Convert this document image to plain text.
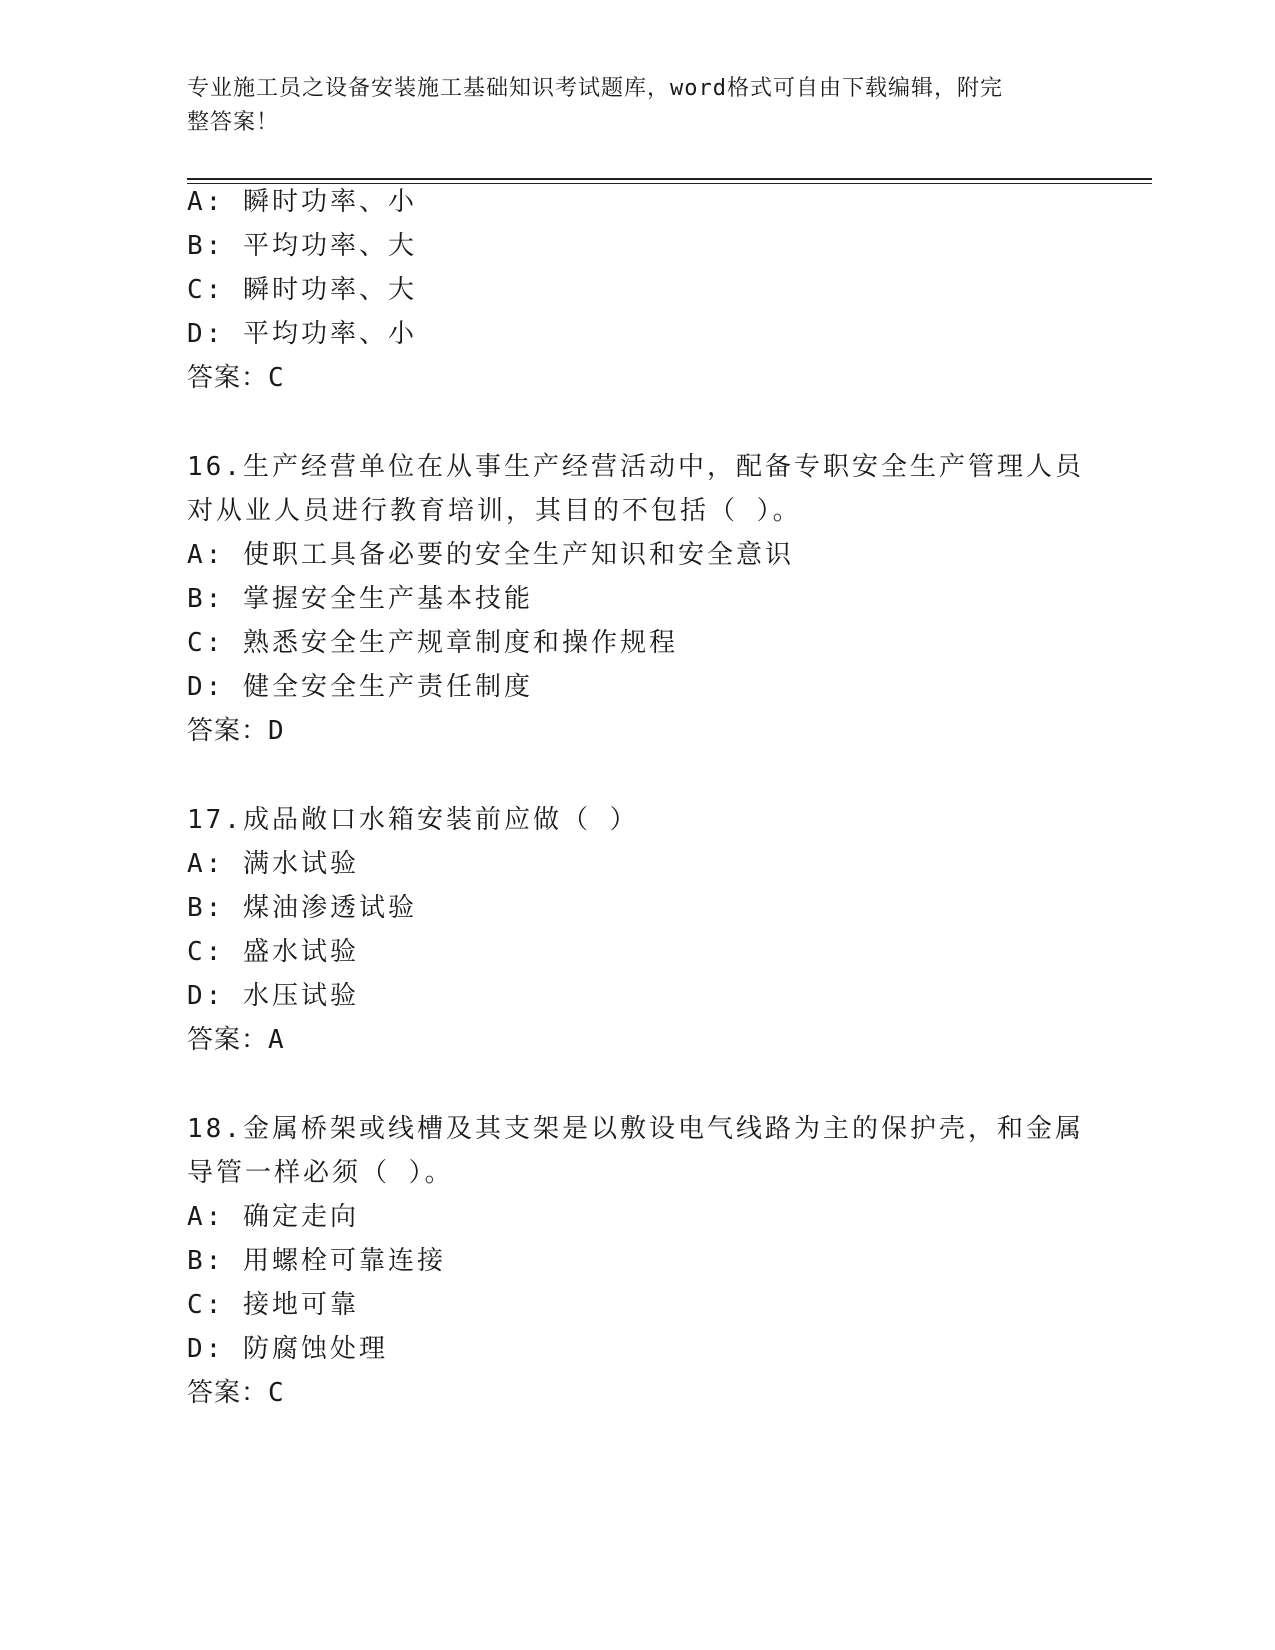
专业施工员之设备安装施工基础知识考试题库，word格式可自由下载编辑，附完
整答案！
A: 瞬时功率、小
B: 平均功率、大
C: 瞬时功率、大
D: 平均功率、小
答案：C
16.生产经营单位在从事生产经营活动中，配备专职安全生产管理人员
对从业人员进行教育培训，其目的不包括（ ）。
A: 使职工具备必要的安全生产知识和安全意识
B: 掌握安全生产基本技能
C: 熟悉安全生产规章制度和操作规程
D: 健全安全生产责任制度
答案：D
17.成品敞口水箱安装前应做（ ）
A: 满水试验
B: 煤油渗透试验
C: 盛水试验
D: 水压试验
答案：A
18.金属桥架或线槽及其支架是以敷设电气线路为主的保护壳，和金属
导管一样必须（ ）。
A: 确定走向
B: 用螺栓可靠连接
C: 接地可靠
D: 防腐蚀处理
答案：C
